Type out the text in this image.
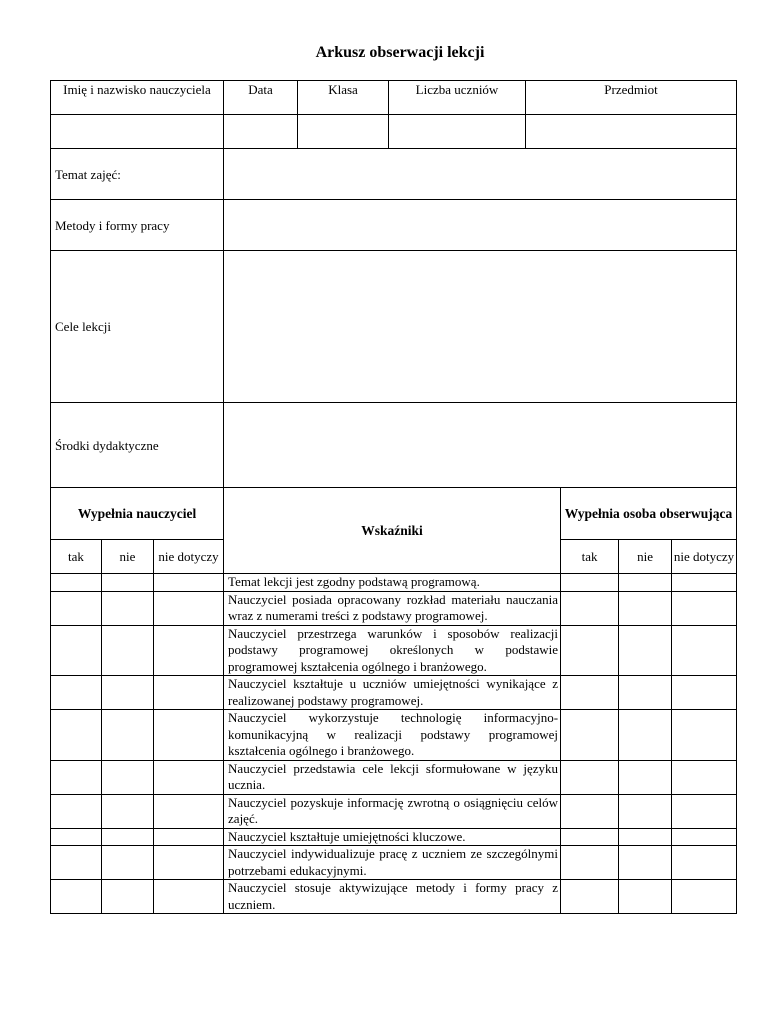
Arkusz obserwacji lekcji
Imię i nazwisko nauczyciela	Data	Klasa	Liczba uczniów	Przedmiot

Temat zajęć:				
Metody i formy pracy				
Cele lekcji				
Środki dydaktyczne				
Wypełnia nauczyciel			Wskaźniki	Wypełnia osoba obserwująca		
tak	nie	nie dotyczy		tak	nie	nie dotyczy
			Temat lekcji jest zgodny podstawą programową.			
			Nauczyciel posiada opracowany rozkład materiału nauczania wraz z numerami treści z podstawy programowej.			
			Nauczyciel przestrzega warunków i sposobów realizacji podstawy programowej określonych w podstawie programowej kształcenia ogólnego i branżowego.			
			Nauczyciel kształtuje u uczniów umiejętności wynikające z realizowanej podstawy programowej.			
			Nauczyciel wykorzystuje technologię informacyjno-komunikacyjną w realizacji podstawy programowej kształcenia ogólnego i branżowego.			
			Nauczyciel przedstawia cele lekcji sformułowane w języku ucznia.			
			Nauczyciel pozyskuje informację zwrotną o osiągnięciu celów zajęć.			
			Nauczyciel kształtuje umiejętności kluczowe.			
			Nauczyciel indywidualizuje pracę z uczniem ze szczególnymi potrzebami edukacyjnymi.			
			Nauczyciel stosuje aktywizujące metody i formy pracy z uczniem.			
